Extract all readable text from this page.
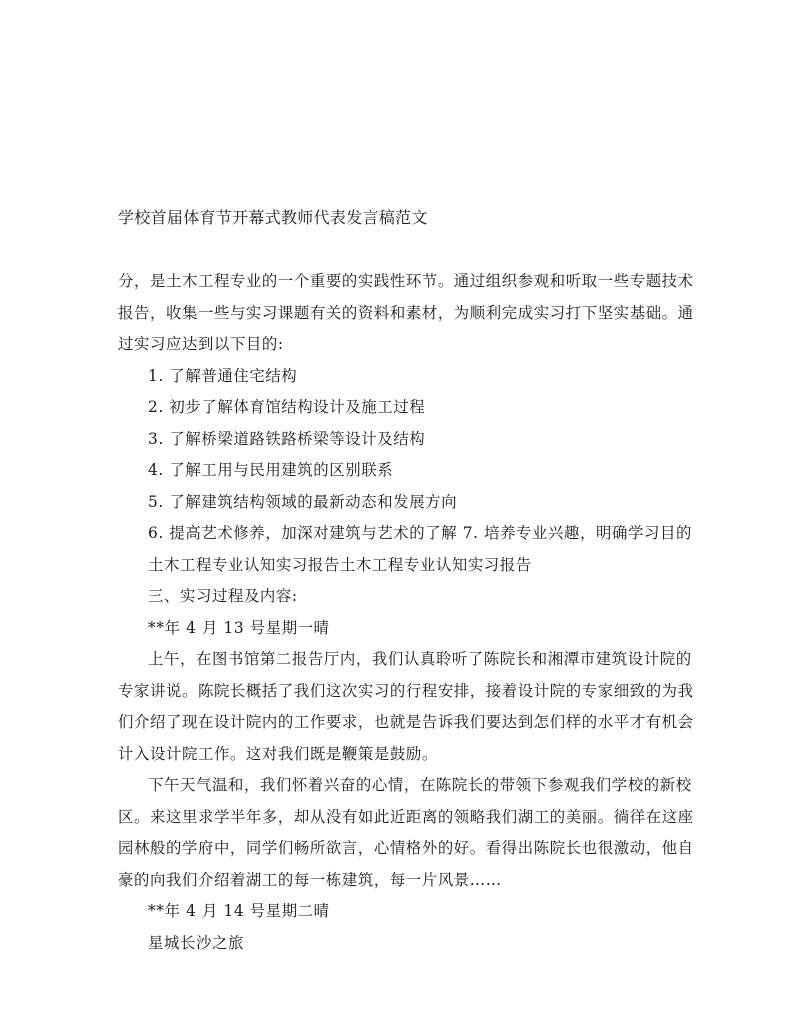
学校首届体育节开幕式教师代表发言稿范文
分，是土木工程专业的一个重要的实践性环节。通过组织参观和听取一些专题技术
报告，收集一些与实习课题有关的资料和素材，为顺利完成实习打下坚实基础。通
过实习应达到以下目的:
1. 了解普通住宅结构
2. 初步了解体育馆结构设计及施工过程
3. 了解桥梁道路铁路桥梁等设计及结构
4. 了解工用与民用建筑的区别联系
5. 了解建筑结构领域的最新动态和发展方向
6. 提高艺术修养，加深对建筑与艺术的了解 7. 培养专业兴趣，明确学习目的
土木工程专业认知实习报告土木工程专业认知实习报告
三、实习过程及内容:
**年 4 月 13 号星期一晴
上午，在图书馆第二报告厅内，我们认真聆听了陈院长和湘潭市建筑设计院的
专家讲说。陈院长概括了我们这次实习的行程安排，接着设计院的专家细致的为我
们介绍了现在设计院内的工作要求，也就是告诉我们要达到怎们样的水平才有机会
计入设计院工作。这对我们既是鞭策是鼓励。
下午天气温和，我们怀着兴奋的心情，在陈院长的带领下参观我们学校的新校
区。来这里求学半年多，却从没有如此近距离的领略我们湖工的美丽。徜徉在这座
园林般的学府中，同学们畅所欲言，心情格外的好。看得出陈院长也很激动，他自
豪的向我们介绍着湖工的每一栋建筑，每一片风景……
**年 4 月 14 号星期二晴
星城长沙之旅
